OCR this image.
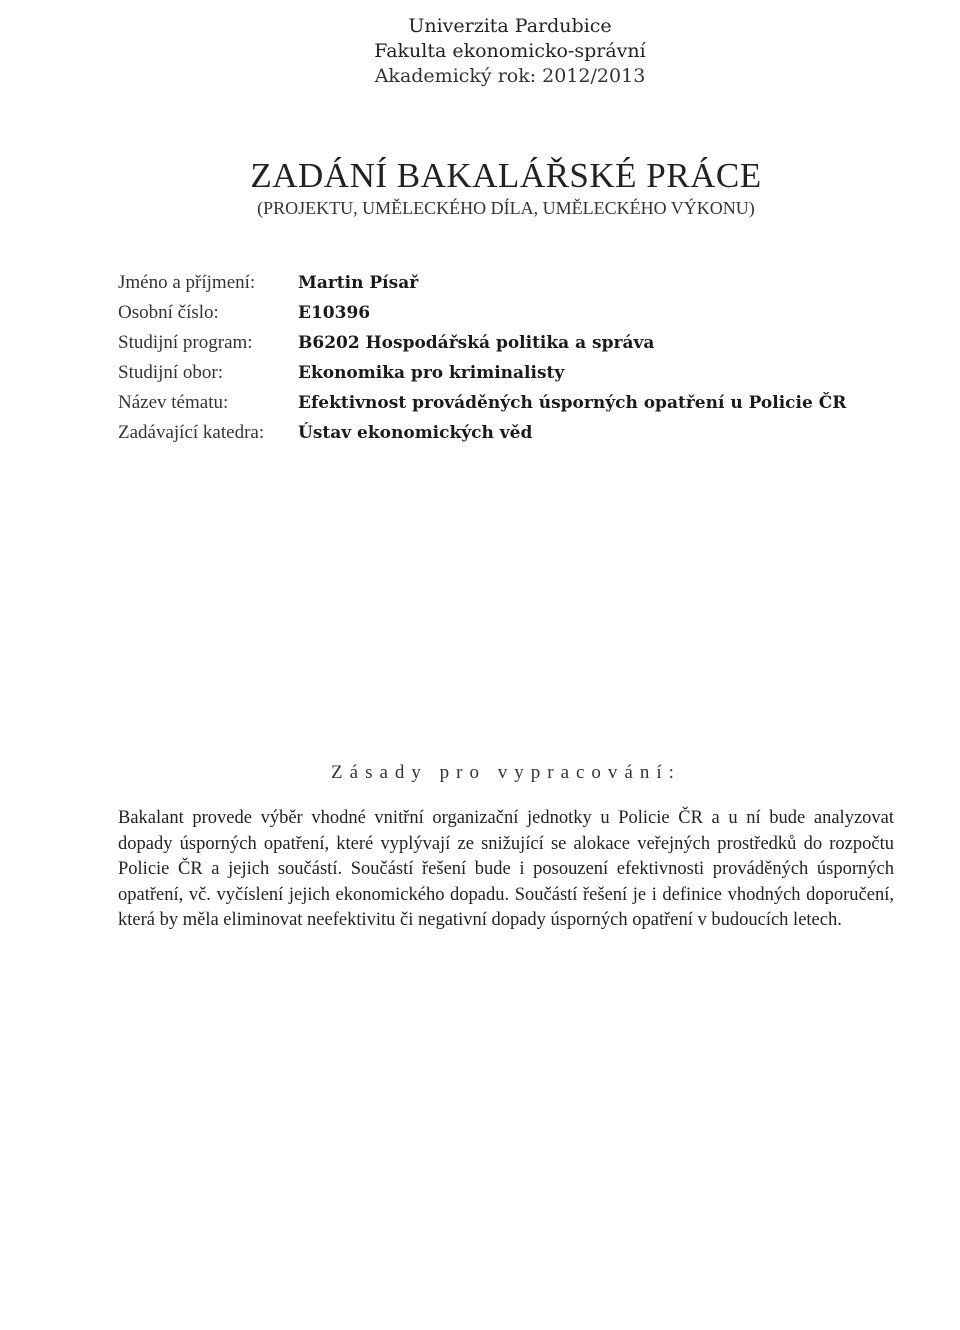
Univerzita Pardubice
Fakulta ekonomicko-správní
Akademický rok: 2012/2013
ZADÁNÍ BAKALÁŘSKÉ PRÁCE
(PROJEKTU, UMĚLECKÉHO DÍLA, UMĚLECKÉHO VÝKONU)
Jméno a příjmení:	Martin Písař
Osobní číslo:	E10396
Studijní program:	B6202 Hospodářská politika a správa
Studijní obor:	Ekonomika pro kriminalisty
Název tématu:	Efektivnost prováděných úsporných opatření u Policie ČR
Zadávající katedra:	Ústav ekonomických věd
Zásady pro vypracování:
Bakalant provede výběr vhodné vnitřní organizační jednotky u Policie ČR a u ní bude analyzovat dopady úsporných opatření, které vyplývají ze snižující se alokace veřejných prostředků do rozpočtu Policie ČR a jejich součástí. Součástí řešení bude i posouzení efektivnosti prováděných úsporných opatření, vč. vyčíslení jejich ekonomického dopadu. Součástí řešení je i definice vhodných doporučení, která by měla eliminovat neefektivitu či negativní dopady úsporných opatření v budoucích letech.
